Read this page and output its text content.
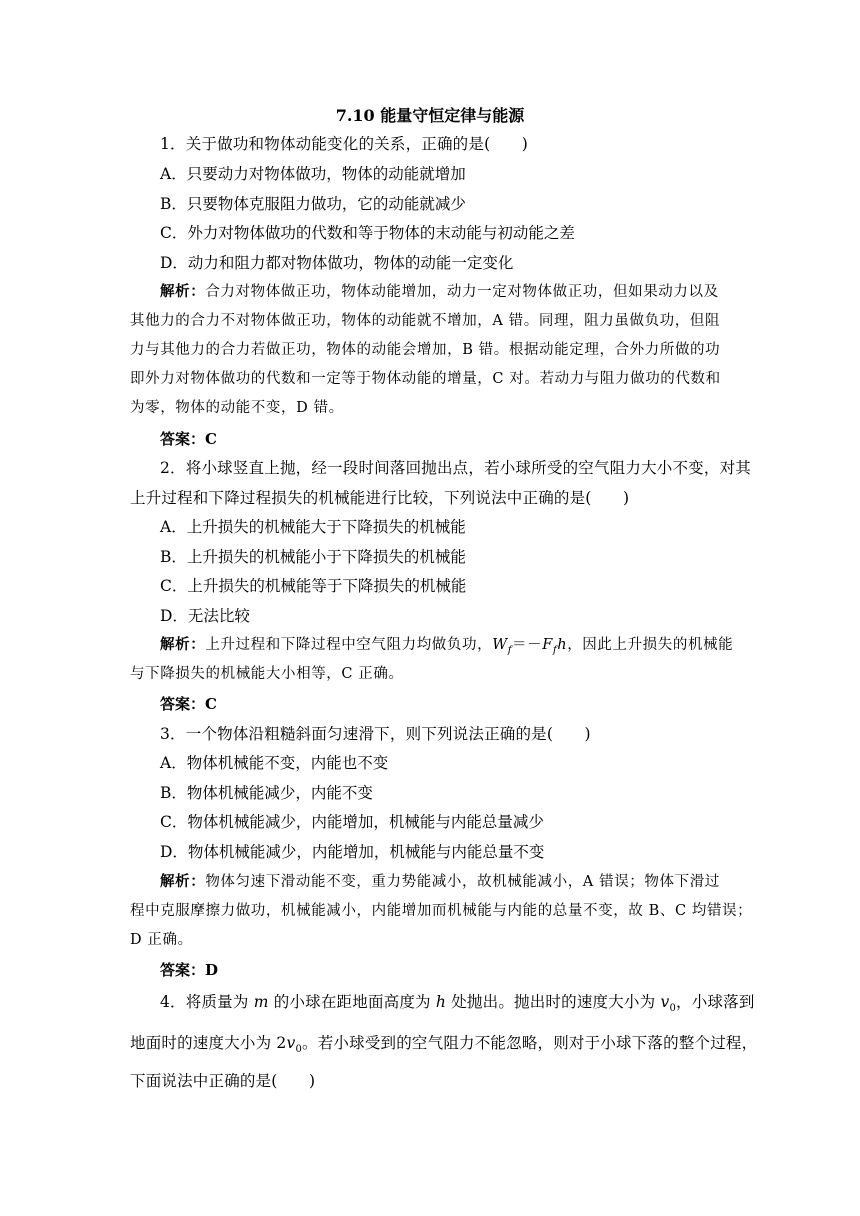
7.10 能量守恒定律与能源
1．关于做功和物体动能变化的关系，正确的是(　　)
A．只要动力对物体做功，物体的动能就增加
B．只要物体克服阻力做功，它的动能就减少
C．外力对物体做功的代数和等于物体的末动能与初动能之差
D．动力和阻力都对物体做功，物体的动能一定变化
解析：合力对物体做正功，物体动能增加，动力一定对物体做正功，但如果动力以及
其他力的合力不对物体做正功，物体的动能就不增加，A 错。同理，阻力虽做负功，但阻
力与其他力的合力若做正功，物体的动能会增加，B 错。根据动能定理，合外力所做的功
即外力对物体做功的代数和一定等于物体动能的增量，C 对。若动力与阻力做功的代数和
为零，物体的动能不变，D 错。
答案：C
2．将小球竖直上抛，经一段时间落回抛出点，若小球所受的空气阻力大小不变，对其
上升过程和下降过程损失的机械能进行比较，下列说法中正确的是(　　)
A．上升损失的机械能大于下降损失的机械能
B．上升损失的机械能小于下降损失的机械能
C．上升损失的机械能等于下降损失的机械能
D．无法比较
解析：上升过程和下降过程中空气阻力均做负功，$W_f=-F_fh$，因此上升损失的机械能
与下降损失的机械能大小相等，C 正确。
答案：C
3．一个物体沿粗糙斜面匀速滑下，则下列说法正确的是(　　)
A．物体机械能不变，内能也不变
B．物体机械能减少，内能不变
C．物体机械能减少，内能增加，机械能与内能总量减少
D．物体机械能减少，内能增加，机械能与内能总量不变
解析：物体匀速下滑动能不变，重力势能减小，故机械能减小，A 错误；物体下滑过
程中克服摩擦力做功，机械能减小，内能增加而机械能与内能的总量不变，故 B、C 均错误；
D 正确。
答案：D
4．将质量为 m 的小球在距地面高度为 h 处抛出。抛出时的速度大小为 $v_0$，小球落到
地面时的速度大小为 $2v_0$。若小球受到的空气阻力不能忽略，则对于小球下落的整个过程，
下面说法中正确的是(　　)
